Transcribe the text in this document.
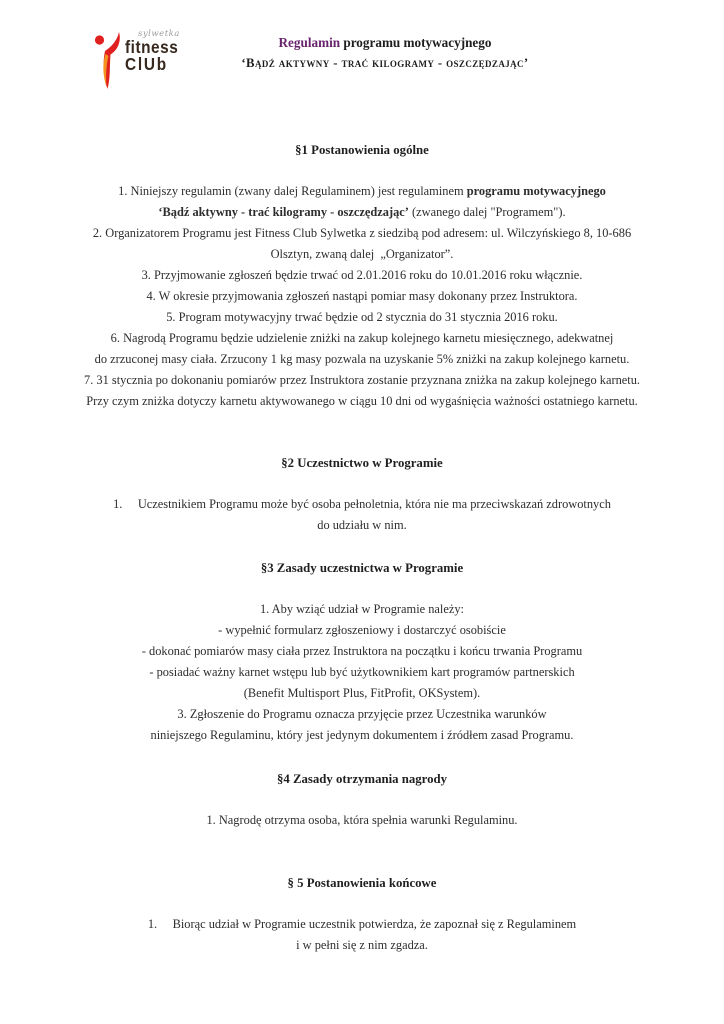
sylwetka
fitness
ClUb
Regulamin programu motywacyjnego
‘Bądź aktywny - trać kilogramy - oszczędzając’
§1 Postanowienia ogólne
1. Niniejszy regulamin (zwany dalej Regulaminem) jest regulaminem programu motywacyjnego
‘Bądź aktywny - trać kilogramy - oszczędzając’ (zwanego dalej "Programem").
2. Organizatorem Programu jest Fitness Club Sylwetka z siedzibą pod adresem: ul. Wilczyńskiego 8, 10-686
Olsztyn, zwaną dalej  „Organizator”.
3. Przyjmowanie zgłoszeń będzie trwać od 2.01.2016 roku do 10.01.2016 roku włącznie.
4. W okresie przyjmowania zgłoszeń nastąpi pomiar masy dokonany przez Instruktora.
5. Program motywacyjny trwać będzie od 2 stycznia do 31 stycznia 2016 roku.
6. Nagrodą Programu będzie udzielenie zniżki na zakup kolejnego karnetu miesięcznego, adekwatnej
do zrzuconej masy ciała. Zrzucony 1 kg masy pozwala na uzyskanie 5% zniżki na zakup kolejnego karnetu.
7. 31 stycznia po dokonaniu pomiarów przez Instruktora zostanie przyznana zniżka na zakup kolejnego karnetu.
Przy czym zniżka dotyczy karnetu aktywowanego w ciągu 10 dni od wygaśnięcia ważności ostatniego karnetu.
§2 Uczestnictwo w Programie
1.     Uczestnikiem Programu może być osoba pełnoletnia, która nie ma przeciwskazań zdrowotnych
do udziału w nim.
§3 Zasady uczestnictwa w Programie
1. Aby wziąć udział w Programie należy:
- wypełnić formularz zgłoszeniowy i dostarczyć osobiście
- dokonać pomiarów masy ciała przez Instruktora na początku i końcu trwania Programu
- posiadać ważny karnet wstępu lub być użytkownikiem kart programów partnerskich
(Benefit Multisport Plus, FitProfit, OKSystem).
3. Zgłoszenie do Programu oznacza przyjęcie przez Uczestnika warunków
niniejszego Regulaminu, który jest jedynym dokumentem i źródłem zasad Programu.
§4 Zasady otrzymania nagrody
1. Nagrodę otrzyma osoba, która spełnia warunki Regulaminu.
§ 5 Postanowienia końcowe
1.     Biorąc udział w Programie uczestnik potwierdza, że zapoznał się z Regulaminem
i w pełni się z nim zgadza.
